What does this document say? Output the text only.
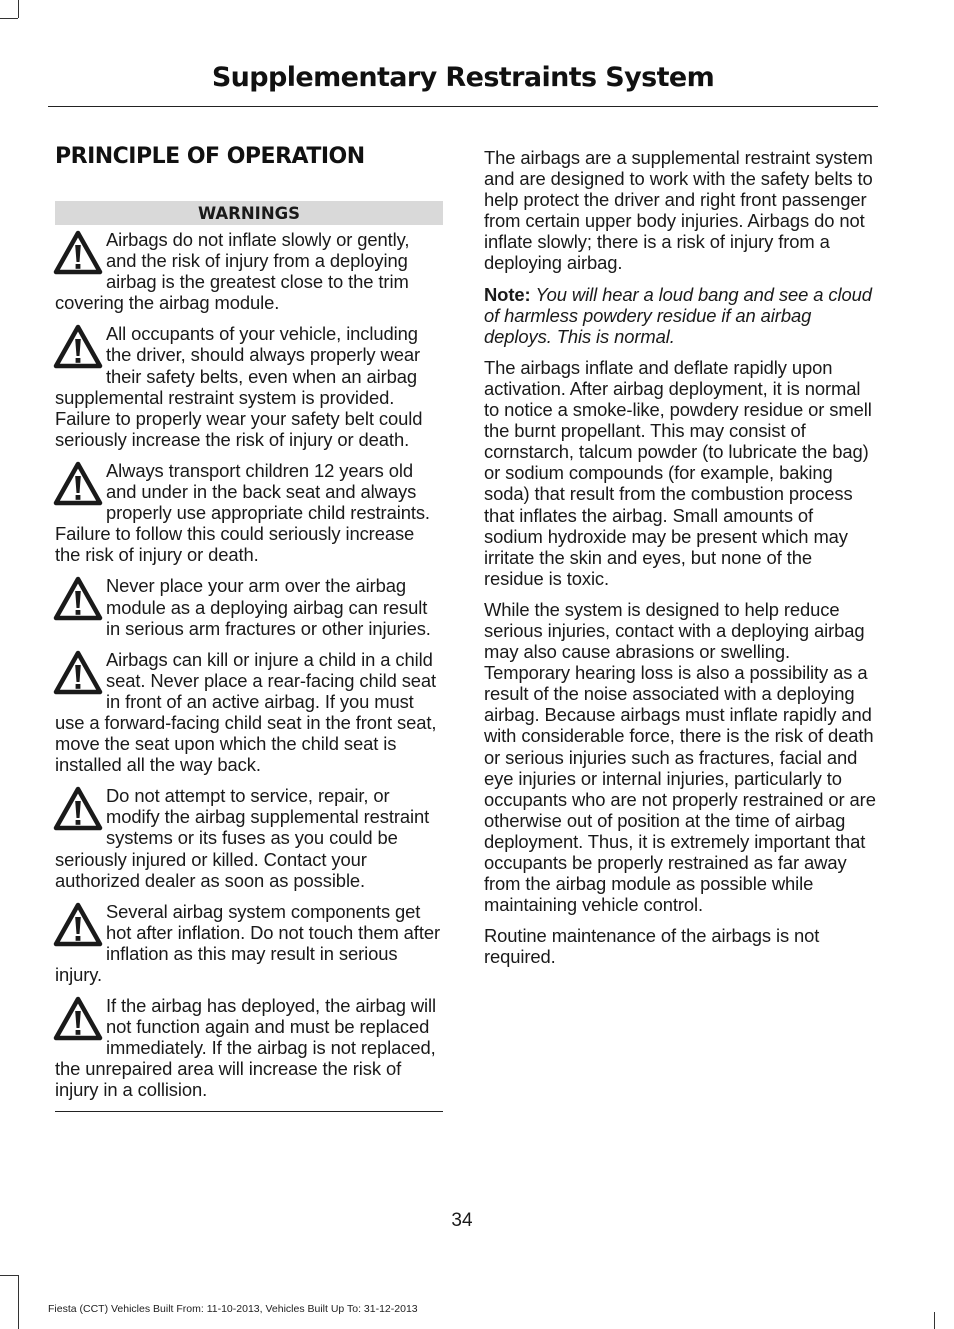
Supplementary Restraints System
PRINCIPLE OF OPERATION
WARNINGS
Airbags do not inflate slowly or gently, and the risk of injury from a deploying airbag is the greatest close to the trim covering the airbag module.
All occupants of your vehicle, including the driver, should always properly wear their safety belts, even when an airbag supplemental restraint system is provided. Failure to properly wear your safety belt could seriously increase the risk of injury or death.
Always transport children 12 years old and under in the back seat and always properly use appropriate child restraints. Failure to follow this could seriously increase the risk of injury or death.
Never place your arm over the airbag module as a deploying airbag can result in serious arm fractures or other injuries.
Airbags can kill or injure a child in a child seat. Never place a rear-facing child seat in front of an active airbag. If you must use a forward-facing child seat in the front seat, move the seat upon which the child seat is installed all the way back.
Do not attempt to service, repair, or modify the airbag supplemental restraint systems or its fuses as you could be seriously injured or killed. Contact your authorized dealer as soon as possible.
Several airbag system components get hot after inflation. Do not touch them after inflation as this may result in serious injury.
If the airbag has deployed, the airbag will not function again and must be replaced immediately. If the airbag is not replaced, the unrepaired area will increase the risk of injury in a collision.

The airbags are a supplemental restraint system and are designed to work with the safety belts to help protect the driver and right front passenger from certain upper body injuries. Airbags do not inflate slowly; there is a risk of injury from a deploying airbag.

Note: You will hear a loud bang and see a cloud of harmless powdery residue if an airbag deploys. This is normal.

The airbags inflate and deflate rapidly upon activation. After airbag deployment, it is normal to notice a smoke-like, powdery residue or smell the burnt propellant. This may consist of cornstarch, talcum powder (to lubricate the bag) or sodium compounds (for example, baking soda) that result from the combustion process that inflates the airbag. Small amounts of sodium hydroxide may be present which may irritate the skin and eyes, but none of the residue is toxic.

While the system is designed to help reduce serious injuries, contact with a deploying airbag may also cause abrasions or swelling. Temporary hearing loss is also a possibility as a result of the noise associated with a deploying airbag. Because airbags must inflate rapidly and with considerable force, there is the risk of death or serious injuries such as fractures, facial and eye injuries or internal injuries, particularly to occupants who are not properly restrained or are otherwise out of position at the time of airbag deployment. Thus, it is extremely important that occupants be properly restrained as far away from the airbag module as possible while maintaining vehicle control.

Routine maintenance of the airbags is not required.

34
Fiesta (CCT) Vehicles Built From: 11-10-2013, Vehicles Built Up To: 31-12-2013
